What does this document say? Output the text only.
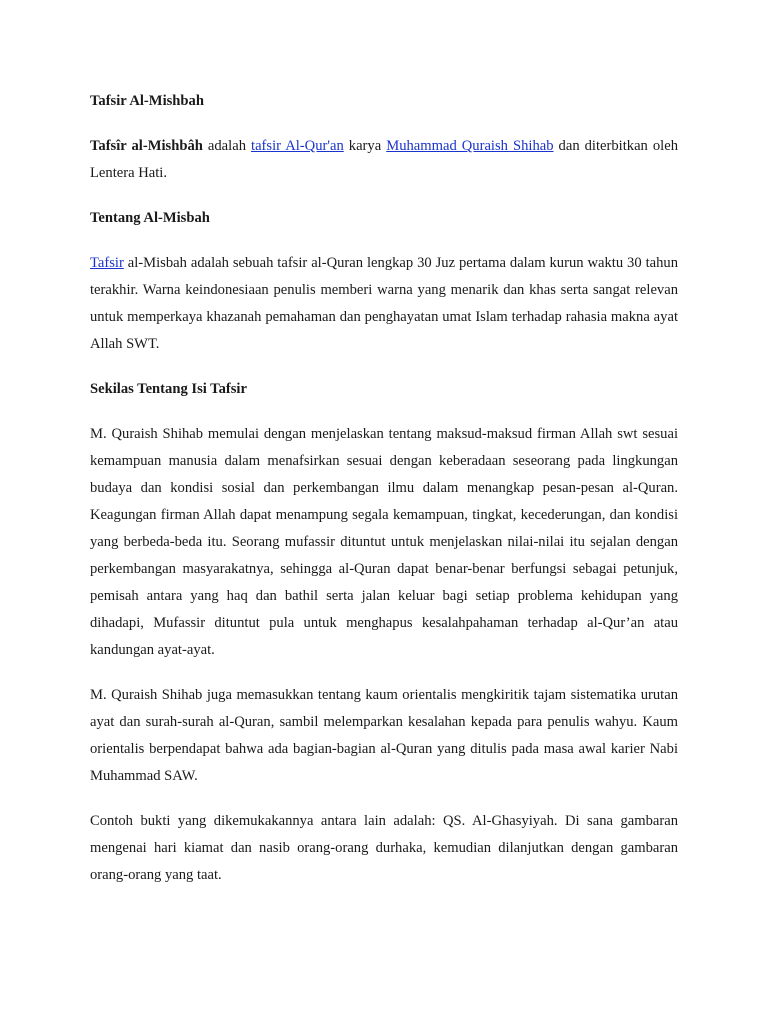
Tafsir Al-Mishbah

Tafsîr al-Mishbâh adalah tafsir Al-Qur'an karya Muhammad Quraish Shihab dan diterbitkan oleh Lentera Hati.

Tentang Al-Misbah

Tafsir al-Misbah adalah sebuah tafsir al-Quran lengkap 30 Juz pertama dalam kurun waktu 30 tahun terakhir. Warna keindonesiaan penulis memberi warna yang menarik dan khas serta sangat relevan untuk memperkaya khazanah pemahaman dan penghayatan umat Islam terhadap rahasia makna ayat Allah SWT.

Sekilas Tentang Isi Tafsir

M. Quraish Shihab memulai dengan menjelaskan tentang maksud-maksud firman Allah swt sesuai kemampuan manusia dalam menafsirkan sesuai dengan keberadaan seseorang pada lingkungan budaya dan kondisi sosial dan perkembangan ilmu dalam menangkap pesan-pesan al-Quran. Keagungan firman Allah dapat menampung segala kemampuan, tingkat, kecederungan, dan kondisi yang berbeda-beda itu. Seorang mufassir dituntut untuk menjelaskan nilai-nilai itu sejalan dengan perkembangan masyarakatnya, sehingga al-Quran dapat benar-benar berfungsi sebagai petunjuk, pemisah antara yang haq dan bathil serta jalan keluar bagi setiap problema kehidupan yang dihadapi, Mufassir dituntut pula untuk menghapus kesalahpahaman terhadap al-Qur’an atau kandungan ayat-ayat.

M. Quraish Shihab juga memasukkan tentang kaum orientalis mengkiritik tajam sistematika urutan ayat dan surah-surah al-Quran, sambil melemparkan kesalahan kepada para penulis wahyu. Kaum orientalis berpendapat bahwa ada bagian-bagian al-Quran yang ditulis pada masa awal karier Nabi Muhammad SAW.

Contoh bukti yang dikemukakannya antara lain adalah: QS. Al-Ghasyiyah. Di sana gambaran mengenai hari kiamat dan nasib orang-orang durhaka, kemudian dilanjutkan dengan gambaran orang-orang yang taat.
